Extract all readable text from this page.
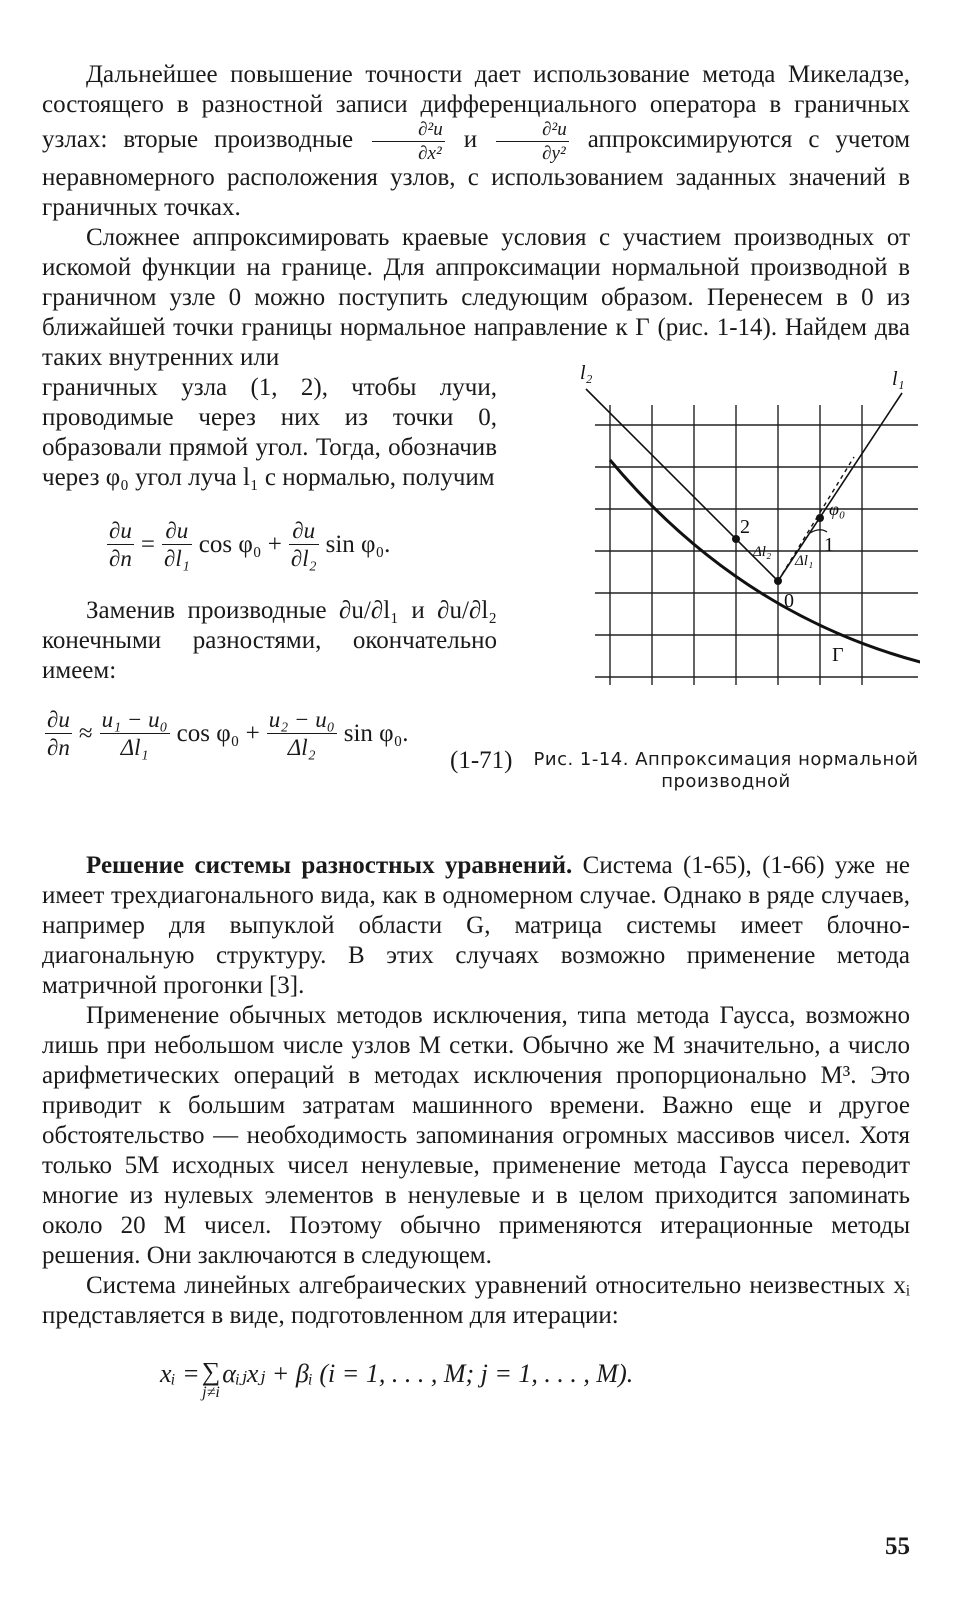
Дальнейшее повышение точности дает использование метода Микеладзе, состоящего в разностной записи дифференциального оператора в граничных узлах: вторые производные $\frac{\text{∂²u}}{\text{∂x²}}$ и $\frac{\text{∂²u}}{\text{∂y²}}$ аппроксимируются с учетом неравномерного расположения узлов, с использованием заданных значений в граничных точках.

Сложнее аппроксимировать краевые условия с участием производных от искомой функции на границе. Для аппроксимации нормальной производной в граничном узле 0 можно поступить следующим образом. Перенесем в 0 из ближайшей точки границы нормальное направление к Г (рис. 1-14). Найдем два таких внутренних или

граничных узла (1, 2), чтобы лучи, проводимые через них из точки 0, образовали прямой угол. Тогда, обозначив через φ₀ угол луча l₁ с нормалью, получим

$\frac{\partial u}{\partial n} = \frac{\partial u}{\text{∂l₁}}$ $\cos \varphi_0 + \frac{\partial u}{\text{∂l₂}}$ sin φ₀.

Заменив производные ∂u/∂l₁ и ∂u/∂l₂ конечными разностями, окончательно имеем:

$\frac{\partial u}{\partial n} \approx \frac{\text{u₁ − u₀}}{\text{Δl₁}}$ $\cos \varphi_0 + \frac{\text{u₂ − u₀}}{\text{Δl₂}}$ sin φ₀.
(1-71)
l₂	l₁
φ₀
2
1
0
Δl₂
Δl₁
Г
Рис. 1-14. Аппроксимация нормальной производной

Решение системы разностных уравнений. Система (1-65), (1-66) уже не имеет трехдиагонального вида, как в одномерном случае. Однако в ряде случаев, например для выпуклой области G, матрица системы имеет блочно-диагональную структуру. В этих случаях возможно применение метода матричной прогонки [3].

Применение обычных методов исключения, типа метода Гаусса, возможно лишь при небольшом числе узлов M сетки. Обычно же M значительно, а число арифметических операций в методах исключения пропорционально M³. Это приводит к большим затратам машинного времени. Важно еще и другое обстоятельство — необходимость запоминания огромных массивов чисел. Хотя только 5M исходных чисел ненулевые, применение метода Гаусса переводит многие из нулевых элементов в ненулевые и в целом приходится запоминать около 20 M чисел. Поэтому обычно применяются итерационные методы решения. Они заключаются в следующем.

Система линейных алгебраических уравнений относительно неизвестных xᵢ представляется в виде, подготовленном для итерации:

xᵢ = ∑
j≠i
αᵢⱼxⱼ + βᵢ (i = 1, . . . , M; j = 1, . . . , M).
55
